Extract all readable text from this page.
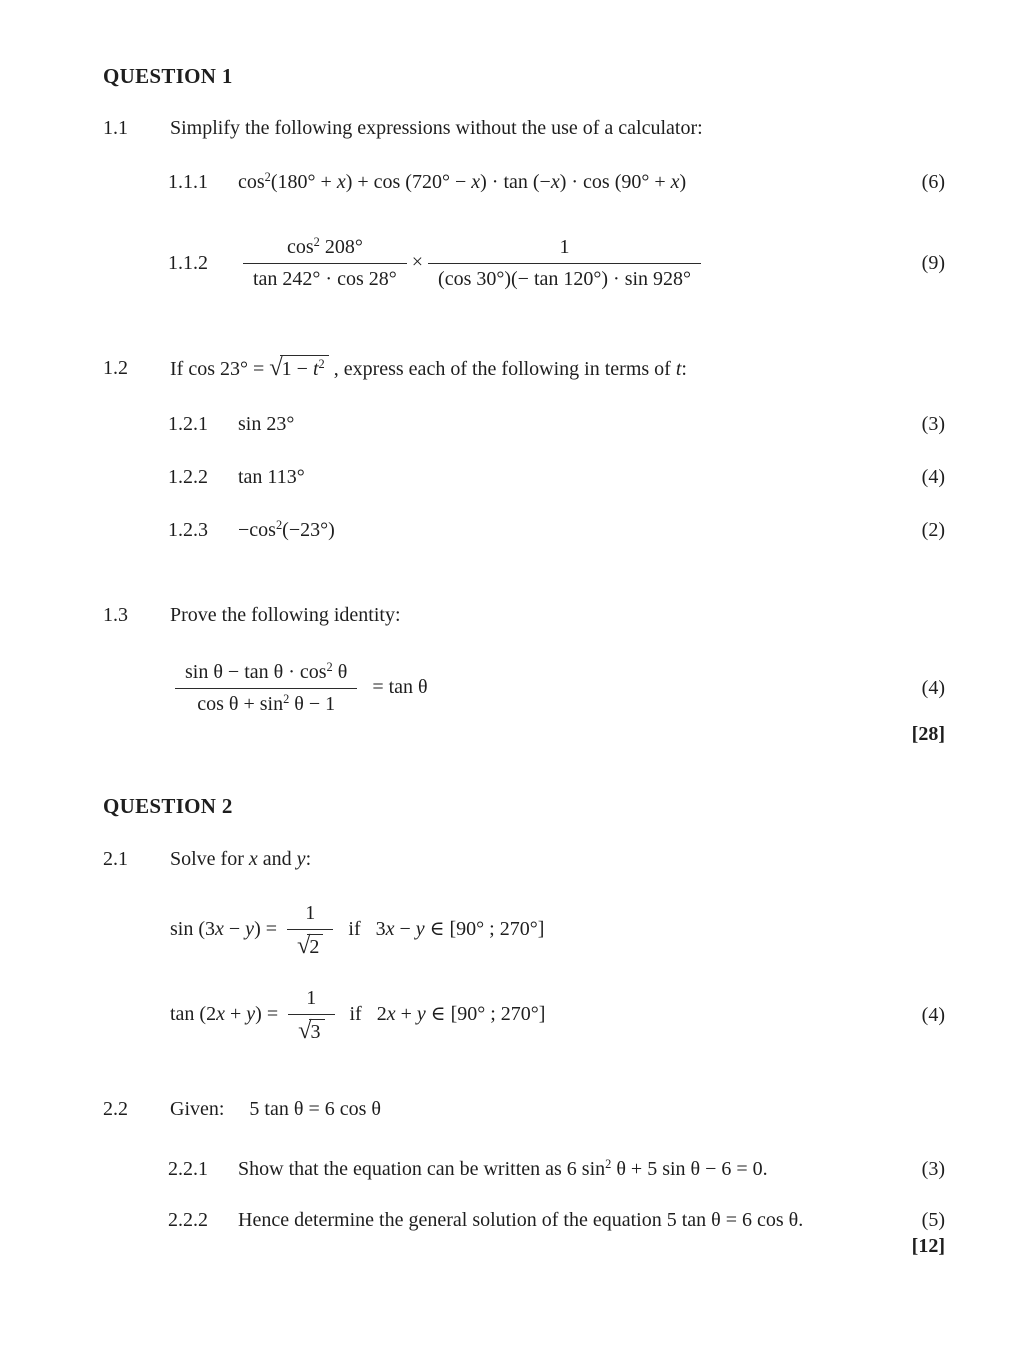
QUESTION 1
1.1	Simplify the following expressions without the use of a calculator:
1.1.1	$\cos^2(180^\circ + x) + \cos (720^\circ - x) \cdot \tan (-x) \cdot \cos (90^\circ + x)$	(6)
1.1.2	$\frac{\cos^2 208^\circ}{\tan 242^\circ \cdot \cos 28^\circ} \times \frac{1}{(\cos 30^\circ)(- \tan 120^\circ) \cdot \sin 928^\circ}$	(9)
1.2	If $\cos 23^\circ = √1 - t^2$ , express each of the following in terms of t:
1.2.1	sin 23°	(3)
1.2.2	tan 113°	(4)
1.2.3	$-\cos^2(-23^\circ)$	(2)
1.3	Prove the following identity:
$\frac{\sin \theta - \tan \theta \cdot \cos^2 \theta}{\cos \theta + \sin^2 \theta - 1}$  = tan θ	(4)
[28]
QUESTION 2
2.1	Solve for x and y:
$\sin (3x - y) = \frac{1}{√2}$  if  3x − y ∈ [90° ; 270°]
$\tan (2x + y) = \frac{1}{√3}$  if  2x + y ∈ [90° ; 270°]	(4)
2.2	Given:  5 tan θ = 6 cos θ
2.2.1	Show that the equation can be written as 6 $\sin^2 \theta + 5$ sin θ − 6 = 0.	(3)
2.2.2	Hence determine the general solution of the equation 5 tan θ = 6 cos θ.	(5)
[12]
